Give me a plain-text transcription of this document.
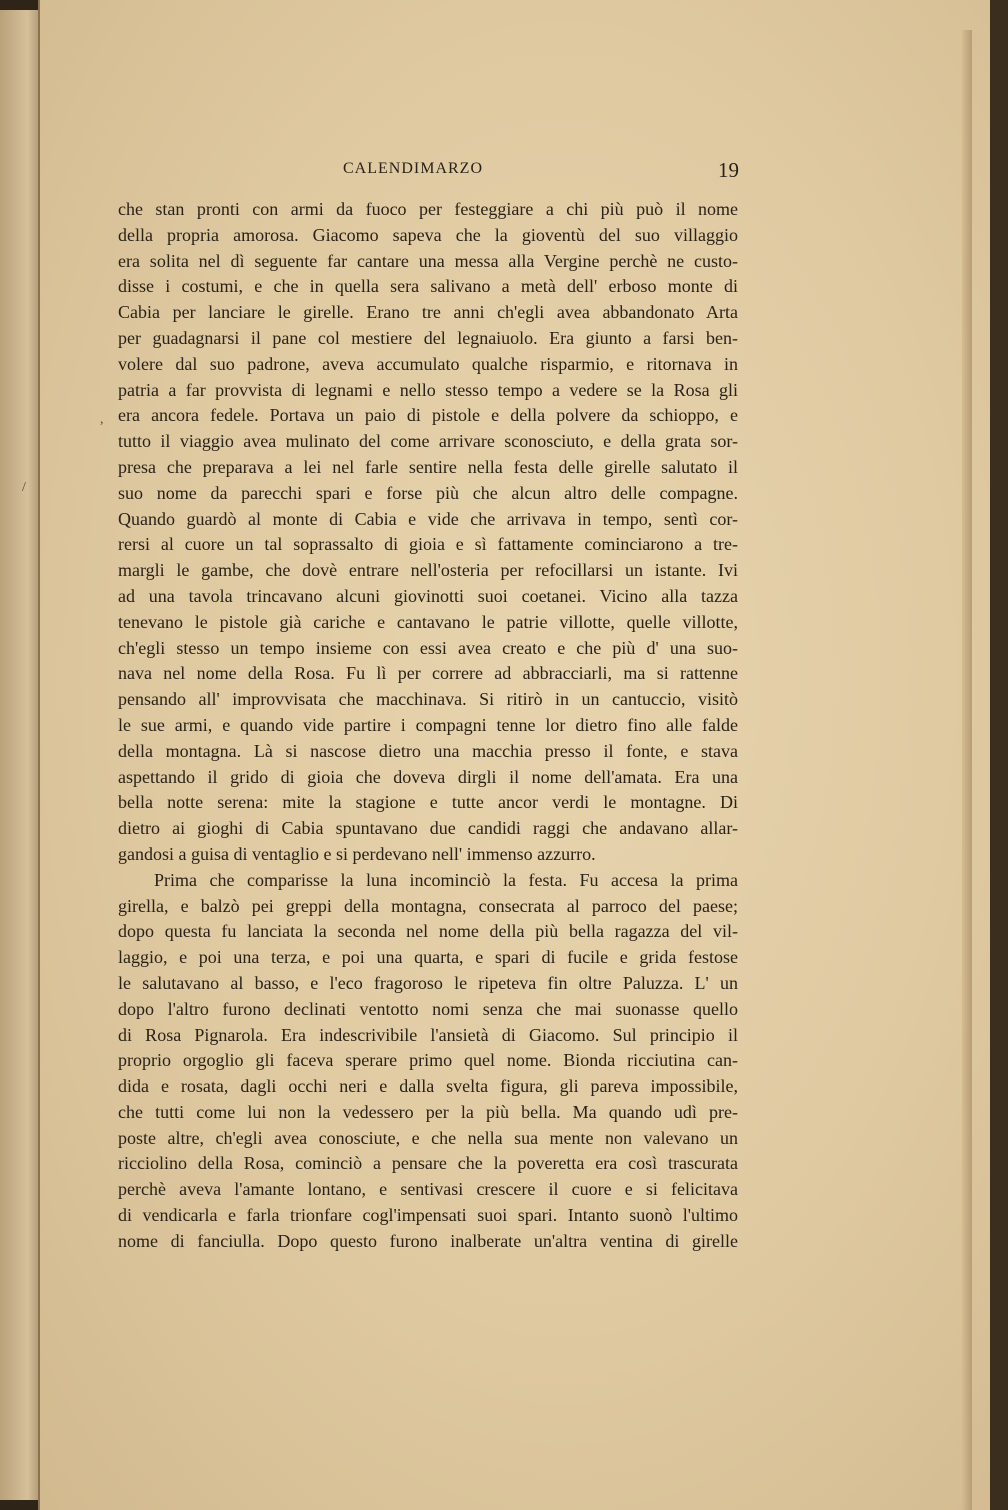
CALENDIMARZO	19
che stan pronti con armi da fuoco per festeggiare a chi più può il nome
della propria amorosa. Giacomo sapeva che la gioventù del suo villaggio
era solita nel dì seguente far cantare una messa alla Vergine perchè ne custo-
disse i costumi, e che in quella sera salivano a metà dell' erboso monte di
Cabia per lanciare le girelle. Erano tre anni ch'egli avea abbandonato Arta
per guadagnarsi il pane col mestiere del legnaiuolo. Era giunto a farsi ben-
volere dal suo padrone, aveva accumulato qualche risparmio, e ritornava in
patria a far provvista di legnami e nello stesso tempo a vedere se la Rosa gli
era ancora fedele. Portava un paio di pistole e della polvere da schioppo, e
tutto il viaggio avea mulinato del come arrivare sconosciuto, e della grata sor-
presa che preparava a lei nel farle sentire nella festa delle girelle salutato il
suo nome da parecchi spari e forse più che alcun altro delle compagne.
Quando guardò al monte di Cabia e vide che arrivava in tempo, sentì cor-
rersi al cuore un tal soprassalto di gioia e sì fattamente cominciarono a tre-
margli le gambe, che dovè entrare nell'osteria per refocillarsi un istante. Ivi
ad una tavola trincavano alcuni giovinotti suoi coetanei. Vicino alla tazza
tenevano le pistole già cariche e cantavano le patrie villotte, quelle villotte,
ch'egli stesso un tempo insieme con essi avea creato e che più d' una suo-
nava nel nome della Rosa. Fu lì per correre ad abbracciarli, ma si rattenne
pensando all' improvvisata che macchinava. Si ritirò in un cantuccio, visitò
le sue armi, e quando vide partire i compagni tenne lor dietro fino alle falde
della montagna. Là si nascose dietro una macchia presso il fonte, e stava
aspettando il grido di gioia che doveva dirgli il nome dell'amata. Era una
bella notte serena: mite la stagione e tutte ancor verdi le montagne. Di
dietro ai gioghi di Cabia spuntavano due candidi raggi che andavano allar-
gandosi a guisa di ventaglio e si perdevano nell' immenso azzurro.
Prima che comparisse la luna incominciò la festa. Fu accesa la prima
girella, e balzò pei greppi della montagna, consecrata al parroco del paese;
dopo questa fu lanciata la seconda nel nome della più bella ragazza del vil-
laggio, e poi una terza, e poi una quarta, e spari di fucile e grida festose
le salutavano al basso, e l'eco fragoroso le ripeteva fin oltre Paluzza. L' un
dopo l'altro furono declinati ventotto nomi senza che mai suonasse quello
di Rosa Pignarola. Era indescrivibile l'ansietà di Giacomo. Sul principio il
proprio orgoglio gli faceva sperare primo quel nome. Bionda ricciutina can-
dida e rosata, dagli occhi neri e dalla svelta figura, gli pareva impossibile,
che tutti come lui non la vedessero per la più bella. Ma quando udì pre-
poste altre, ch'egli avea conosciute, e che nella sua mente non valevano un
ricciolino della Rosa, cominciò a pensare che la poveretta era così trascurata
perchè aveva l'amante lontano, e sentivasi crescere il cuore e si felicitava
di vendicarla e farla trionfare cogl'impensati suoi spari. Intanto suonò l'ultimo
nome di fanciulla. Dopo questo furono inalberate un'altra ventina di girelle
,
/
